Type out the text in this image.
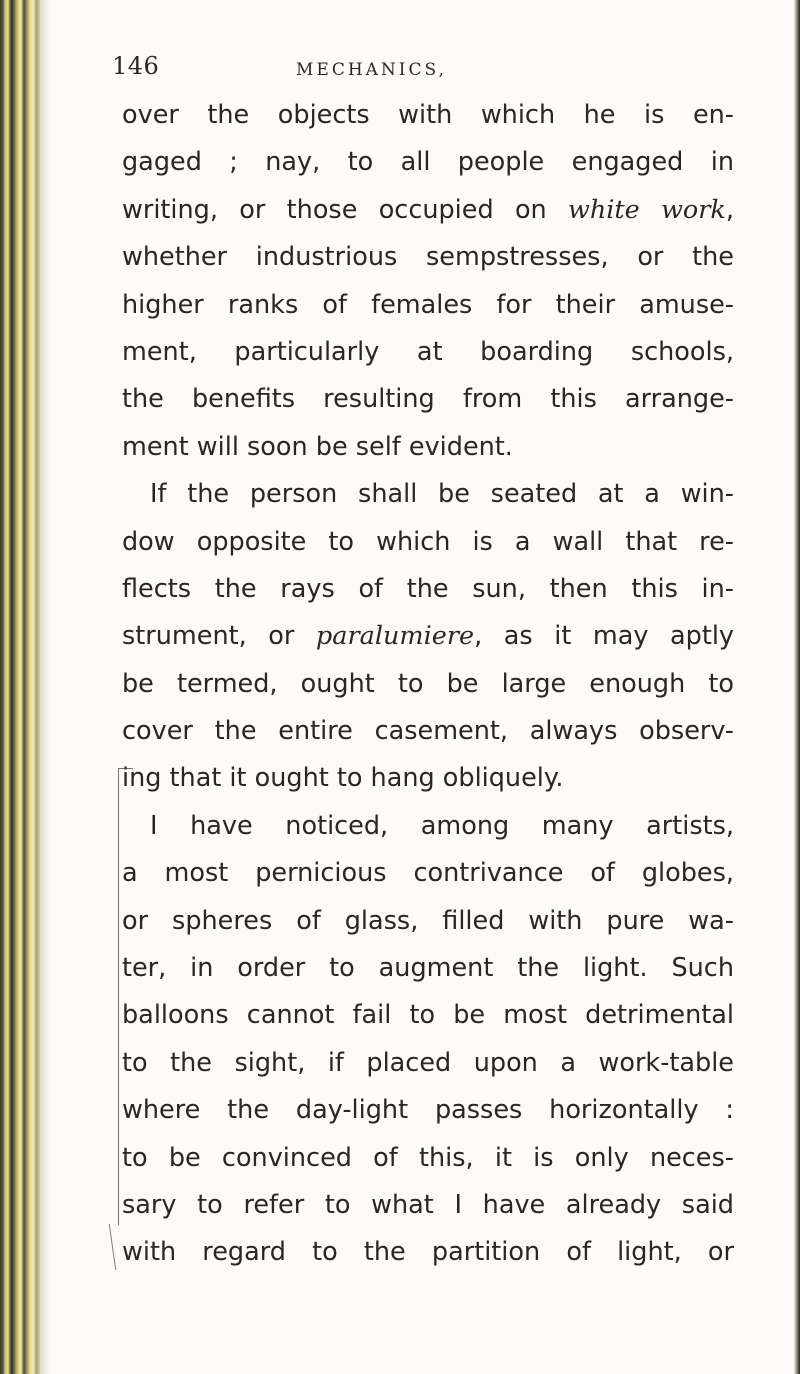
146	MECHANICS,
over the objects with which he is en-
gaged ; nay, to all people engaged in
writing, or those occupied on white work,
whether industrious sempstresses, or the
higher ranks of females for their amuse-
ment, particularly at boarding schools,
the benefits resulting from this arrange-
ment will soon be self evident.
If the person shall be seated at a win-
dow opposite to which is a wall that re-
flects the rays of the sun, then this in-
strument, or paralumiere, as it may aptly
be termed, ought to be large enough to
cover the entire casement, always observ-
ing that it ought to hang obliquely.
I have noticed, among many artists,
a most pernicious contrivance of globes,
or spheres of glass, filled with pure wa-
ter, in order to augment the light. Such
balloons cannot fail to be most detrimental
to the sight, if placed upon a work-table
where the day-light passes horizontally :
to be convinced of this, it is only neces-
sary to refer to what I have already said
with regard to the partition of light, or
